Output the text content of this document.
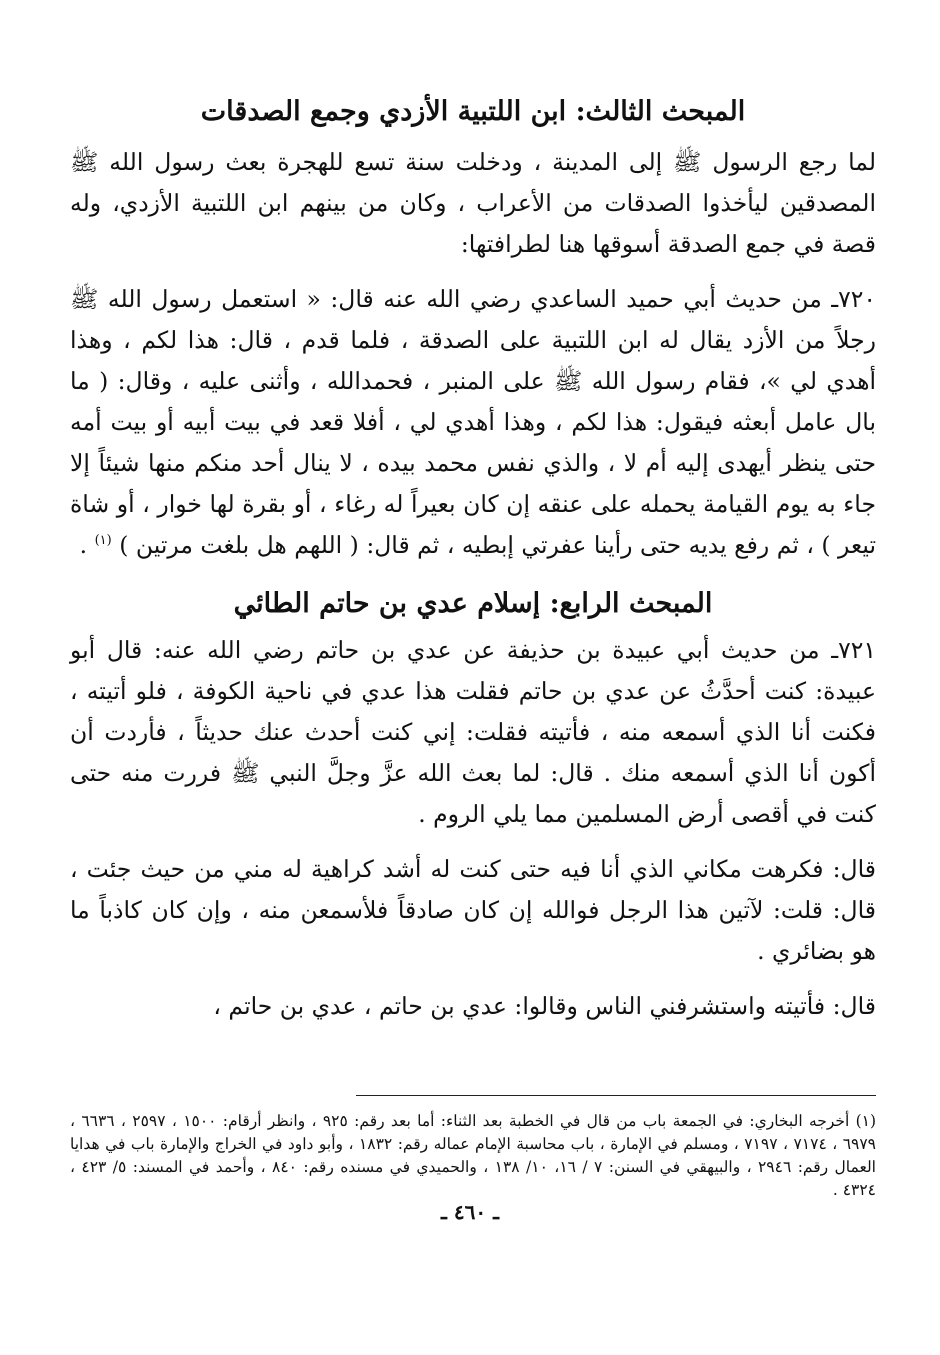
المبحث الثالث: ابن اللتبية الأزدي وجمع الصدقات

لما رجع الرسول ﷺ إلى المدينة ، ودخلت سنة تسع للهجرة بعث رسول الله ﷺ المصدقين ليأخذوا الصدقات من الأعراب ، وكان من بينهم ابن اللتبية الأزدي، وله قصة في جمع الصدقة أسوقها هنا لطرافتها:

٧٢٠ـ من حديث أبي حميد الساعدي رضي الله عنه قال: « استعمل رسول الله ﷺ رجلاً من الأزد يقال له ابن اللتبية على الصدقة ، فلما قدم ، قال: هذا لكم ، وهذا أهدي لي »، فقام رسول الله ﷺ على المنبر ، فحمدالله ، وأثنى عليه ، وقال: ( ما بال عامل أبعثه فيقول: هذا لكم ، وهذا أهدي لي ، أفلا قعد في بيت أبيه أو بيت أمه حتى ينظر أيهدى إليه أم لا ، والذي نفس محمد بيده ، لا ينال أحد منكم منها شيئاً إلا جاء به يوم القيامة يحمله على عنقه إن كان بعيراً له رغاء ، أو بقرة لها خوار ، أو شاة تيعر ) ، ثم رفع يديه حتى رأينا عفرتي إبطيه ، ثم قال: ( اللهم هل بلغت مرتين ) $^{(١)}$ .

المبحث الرابع: إسلام عدي بن حاتم الطائي

٧٢١ـ من حديث أبي عبيدة بن حذيفة عن عدي بن حاتم رضي الله عنه: قال أبو عبيدة: كنت أحدَّثُ عن عدي بن حاتم فقلت هذا عدي في ناحية الكوفة ، فلو أتيته ، فكنت أنا الذي أسمعه منه ، فأتيته فقلت: إني كنت أحدث عنك حديثاً ، فأردت أن أكون أنا الذي أسمعه منك . قال: لما بعث الله عزَّ وجلَّ النبي ﷺ فررت منه حتى كنت في أقصى أرض المسلمين مما يلي الروم .

قال: فكرهت مكاني الذي أنا فيه حتى كنت له أشد كراهية له مني من حيث جئت ، قال: قلت: لآتين هذا الرجل فوالله إن كان صادقاً فلأسمعن منه ، وإن كان كاذباً ما هو بضائري .

قال: فأتيته واستشرفني الناس وقالوا: عدي بن حاتم ، عدي بن حاتم ،

(١) أخرجه البخاري: في الجمعة باب من قال في الخطبة بعد الثناء: أما بعد رقم: ٩٢٥ ، وانظر أرقام: ١٥٠٠ ، ٢٥٩٧ ، ٦٦٣٦ ، ٦٩٧٩ ، ٧١٧٤ ، ٧١٩٧ ، ومسلم في الإمارة ، باب محاسبة الإمام عماله رقم: ١٨٣٢ ، وأبو داود في الخراج والإمارة باب في هدايا العمال رقم: ٢٩٤٦ ، والبيهقي في السنن: ٧ / ١٦، ١٠/ ١٣٨ ، والحميدي في مسنده رقم: ٨٤٠ ، وأحمد في المسند: ٥/ ٤٢٣ ، ٤٣٢٤ .

ـ ٤٦٠ ـ
